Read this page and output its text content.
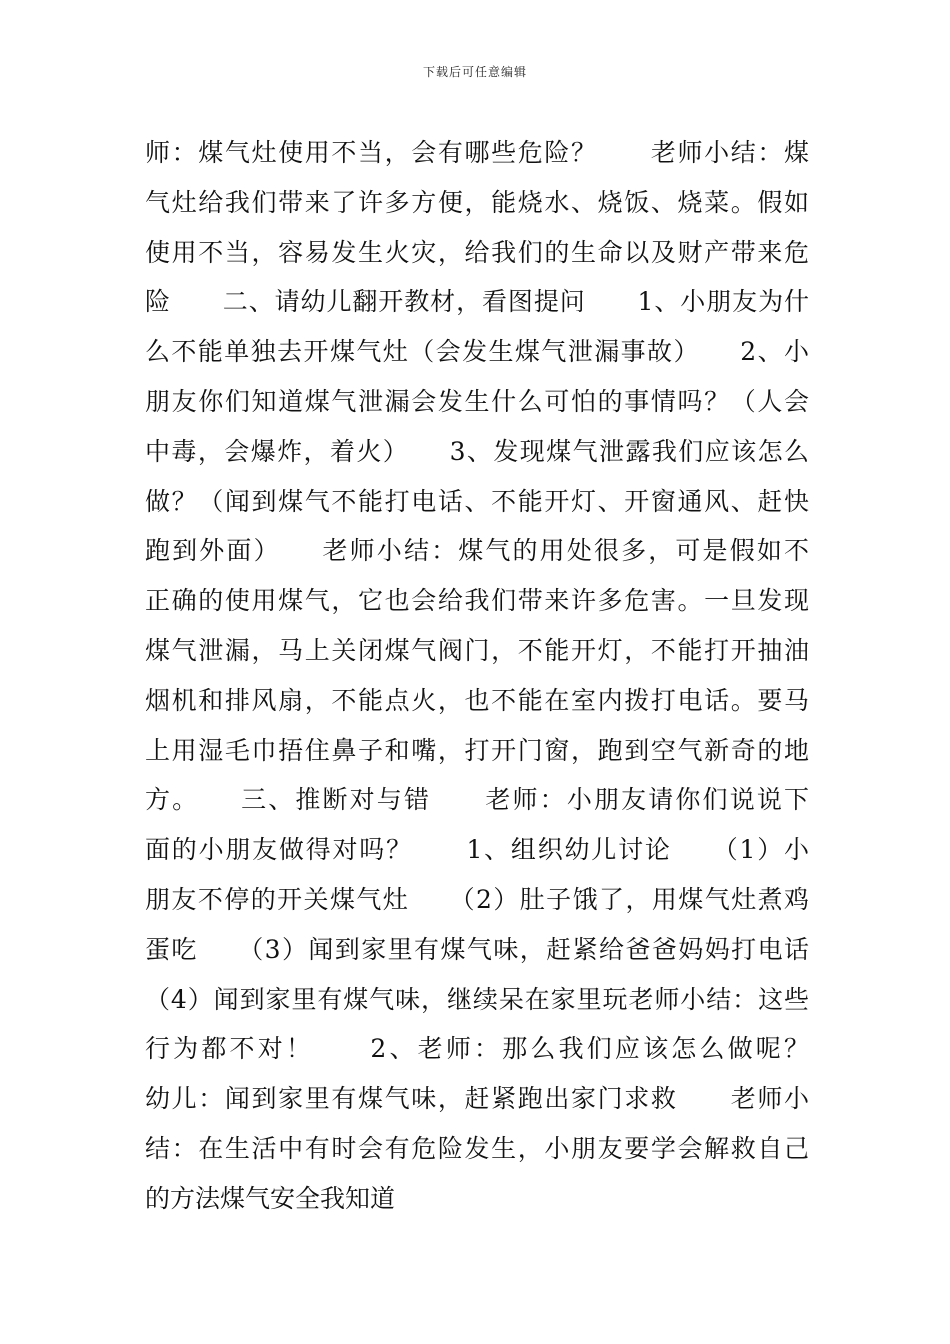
下载后可任意编辑
师：煤气灶使用不当，会有哪些危险？　　老师小结：煤
气灶给我们带来了许多方便，能烧水、烧饭、烧菜。假如
使用不当，容易发生火灾，给我们的生命以及财产带来危
险　　二、请幼儿翻开教材，看图提问　　1、小朋友为什
么不能单独去开煤气灶（会发生煤气泄漏事故）　　2、小
朋友你们知道煤气泄漏会发生什么可怕的事情吗？（人会
中毒，会爆炸，着火）　　3、发现煤气泄露我们应该怎么
做？（闻到煤气不能打电话、不能开灯、开窗通风、赶快
跑到外面）　　老师小结：煤气的用处很多，可是假如不
正确的使用煤气，它也会给我们带来许多危害。一旦发现
煤气泄漏，马上关闭煤气阀门，不能开灯，不能打开抽油
烟机和排风扇，不能点火，也不能在室内拨打电话。要马
上用湿毛巾捂住鼻子和嘴，打开门窗，跑到空气新奇的地
方。　　三、推断对与错　　老师：小朋友请你们说说下
面的小朋友做得对吗？　　1、组织幼儿讨论　　（1）小
朋友不停的开关煤气灶　　（2）肚子饿了，用煤气灶煮鸡
蛋吃　　（3）闻到家里有煤气味，赶紧给爸爸妈妈打电话
（4）闻到家里有煤气味，继续呆在家里玩老师小结：这些
行为都不对！　　2、老师：那么我们应该怎么做呢？
幼儿：闻到家里有煤气味，赶紧跑出家门求救　　老师小
结：在生活中有时会有危险发生，小朋友要学会解救自己
的方法煤气安全我知道
